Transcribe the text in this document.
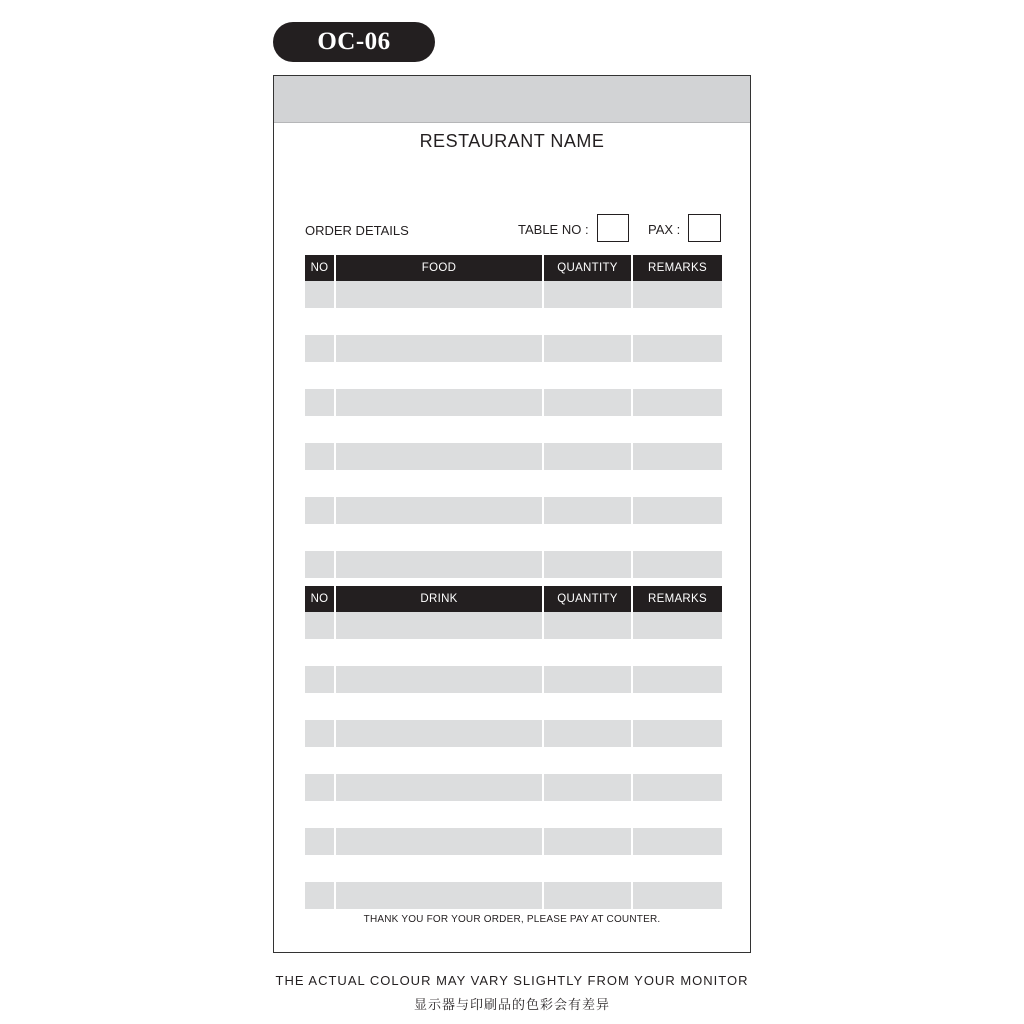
OC-06
RESTAURANT NAME
ORDER DETAILS	TABLE NO :	PAX :
NO	FOOD	QUANTITY	REMARKS
NO	DRINK	QUANTITY	REMARKS
THANK YOU FOR YOUR ORDER, PLEASE PAY AT COUNTER.
THE ACTUAL COLOUR MAY VARY SLIGHTLY FROM YOUR MONITOR
显示器与印刷品的色彩会有差异
